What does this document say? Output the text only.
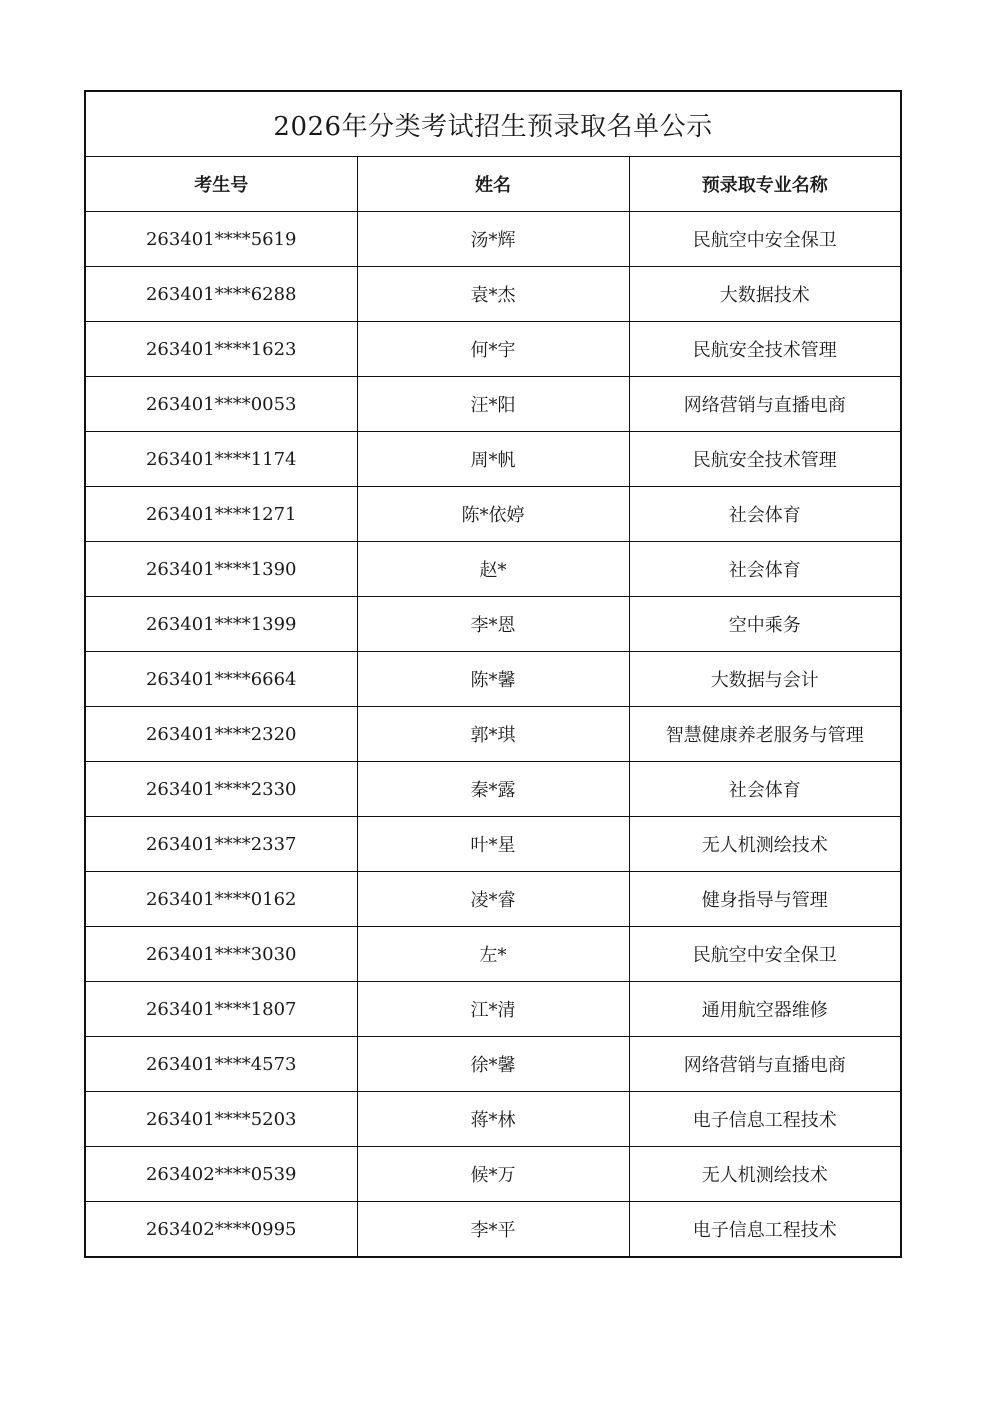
2026年分类考试招生预录取名单公示		
考生号	姓名	预录取专业名称
263401****5619	汤*辉	民航空中安全保卫
263401****6288	袁*杰	大数据技术
263401****1623	何*宇	民航安全技术管理
263401****0053	汪*阳	网络营销与直播电商
263401****1174	周*帆	民航安全技术管理
263401****1271	陈*依婷	社会体育
263401****1390	赵*	社会体育
263401****1399	李*恩	空中乘务
263401****6664	陈*馨	大数据与会计
263401****2320	郭*琪	智慧健康养老服务与管理
263401****2330	秦*露	社会体育
263401****2337	叶*星	无人机测绘技术
263401****0162	凌*睿	健身指导与管理
263401****3030	左*	民航空中安全保卫
263401****1807	江*清	通用航空器维修
263401****4573	徐*馨	网络营销与直播电商
263401****5203	蒋*林	电子信息工程技术
263402****0539	候*万	无人机测绘技术
263402****0995	李*平	电子信息工程技术
